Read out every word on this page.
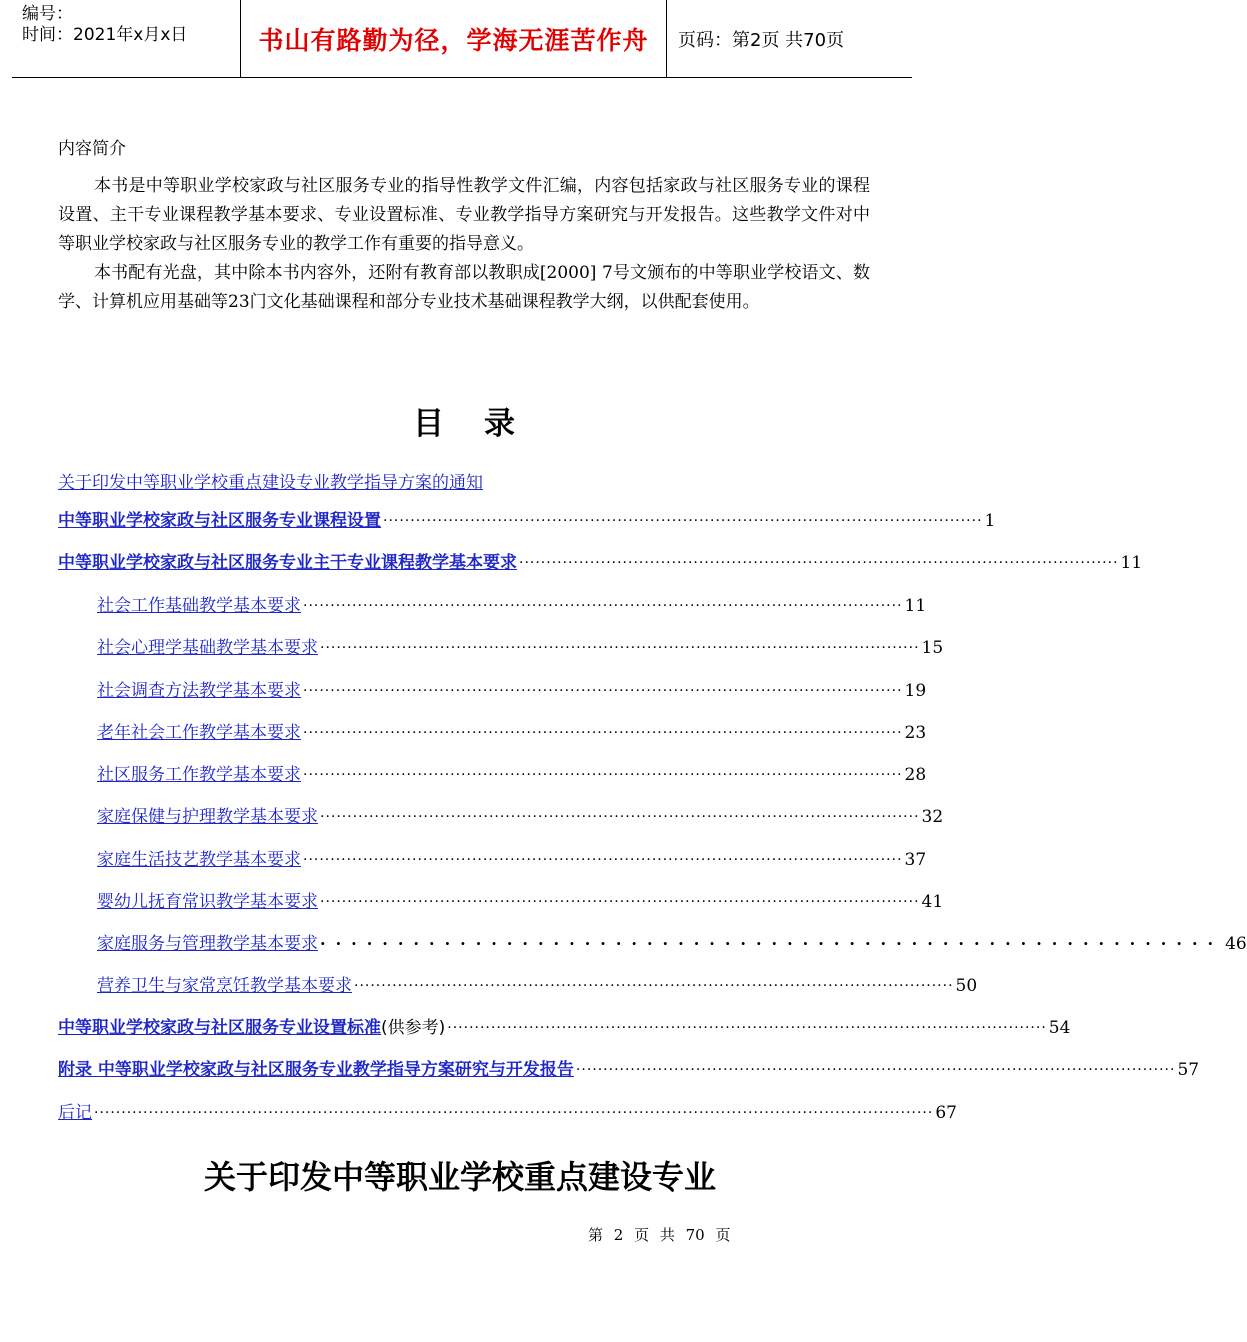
编号：
时间：2021年x月x日	书山有路勤为径，学海无涯苦作舟	页码：第2页 共70页
内容简介
本书是中等职业学校家政与社区服务专业的指导性教学文件汇编，内容包括家政与社区服务专业的课程设置、主干专业课程教学基本要求、专业设置标准、专业教学指导方案研究与开发报告。这些教学文件对中等职业学校家政与社区服务专业的教学工作有重要的指导意义。
本书配有光盘，其中除本书内容外，还附有教育部以教职成[2000] 7号文颁布的中等职业学校语文、数学、计算机应用基础等23门文化基础课程和部分专业技术基础课程教学大纲，以供配套使用。
目录
关于印发中等职业学校重点建设专业教学指导方案的通知
中等职业学校家政与社区服务专业课程设置 ·············································································································· 1
中等职业学校家政与社区服务专业主干专业课程教学基本要求 ·············································································································· 11
社会工作基础教学基本要求 ·············································································································· 11
社会心理学基础教学基本要求 ·············································································································· 15
社会调查方法教学基本要求 ·············································································································· 19
老年社会工作教学基本要求 ·············································································································· 23
社区服务工作教学基本要求 ·············································································································· 28
家庭保健与护理教学基本要求 ·············································································································· 32
家庭生活技艺教学基本要求 ·············································································································· 37
婴幼儿抚育常识教学基本要求 ·············································································································· 41
家庭服务与管理教学基本要求 ·························································· 46
营养卫生与家常烹饪教学基本要求 ·············································································································· 50
中等职业学校家政与社区服务专业设置标准 (供参考) ·············································································································· 54
附录 中等职业学校家政与社区服务专业教学指导方案研究与开发报告 ·············································································································· 57
后记 ·························································································································································· 67
关于印发中等职业学校重点建设专业
第 2 页 共 70 页
